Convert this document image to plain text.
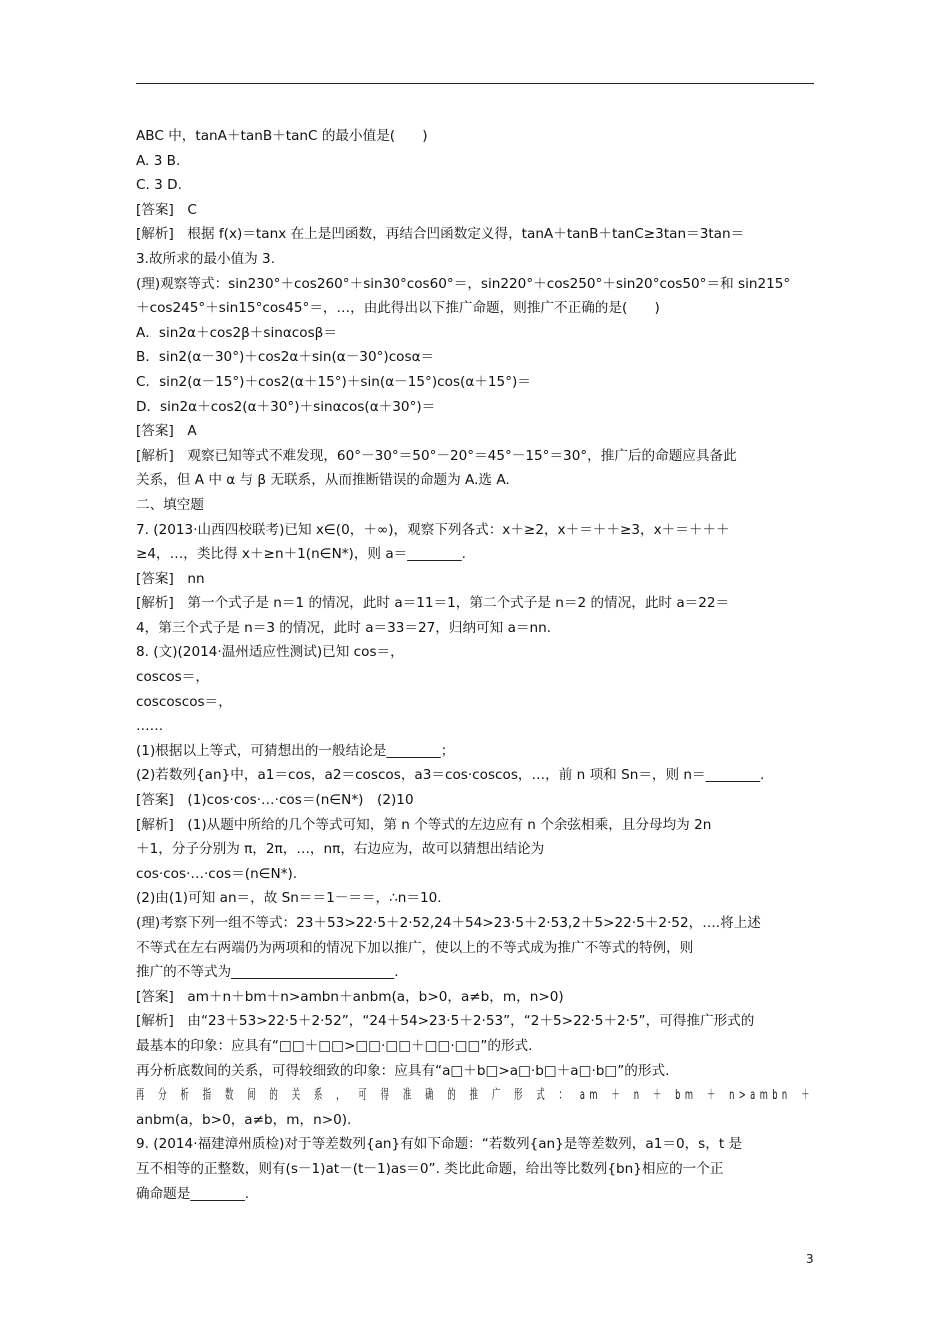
ABC 中，tanA＋tanB＋tanC 的最小值是(　　)
A. 3 B.
C. 3 D.
[答案]　C
[解析]　根据 f(x)＝tanx 在上是凹函数，再结合凹函数定义得，tanA＋tanB＋tanC≥3tan＝3tan＝
3.故所求的最小值为 3.
(理)观察等式：sin230°＋cos260°＋sin30°cos60°＝，sin220°＋cos250°＋sin20°cos50°＝和 sin215°
＋cos245°＋sin15°cos45°＝，…，由此得出以下推广命题，则推广不正确的是(　　)
A．sin2α＋cos2β＋sinαcosβ＝
B．sin2(α－30°)＋cos2α＋sin(α－30°)cosα＝
C．sin2(α－15°)＋cos2(α＋15°)＋sin(α－15°)cos(α＋15°)＝
D．sin2α＋cos2(α＋30°)＋sinαcos(α＋30°)＝
[答案]　A
[解析]　观察已知等式不难发现，60°－30°＝50°－20°＝45°－15°＝30°，推广后的命题应具备此
关系，但 A 中 α 与 β 无联系，从而推断错误的命题为 A.选 A.
二、填空题
7. (2013·山西四校联考)已知 x∈(0，＋∞)，观察下列各式：x＋≥2，x＋＝＋＋≥3，x＋＝＋＋＋
≥4，…，类比得 x＋≥n＋1(n∈N*)，则 a＝________.
[答案]　nn
[解析]　第一个式子是 n＝1 的情况，此时 a＝11＝1，第二个式子是 n＝2 的情况，此时 a＝22＝
4，第三个式子是 n＝3 的情况，此时 a＝33＝27，归纳可知 a＝nn.
8. (文)(2014·温州适应性测试)已知 cos＝，
coscos＝，
coscoscos＝，
……
(1)根据以上等式，可猜想出的一般结论是________；
(2)若数列{an}中，a1＝cos，a2＝coscos，a3＝cos·coscos，…，前 n 项和 Sn＝，则 n＝________.
[答案]　(1)cos·cos·…·cos＝(n∈N*)　(2)10
[解析]　(1)从题中所给的几个等式可知，第 n 个等式的左边应有 n 个余弦相乘，且分母均为 2n
＋1，分子分别为 π，2π，…，nπ，右边应为，故可以猜想出结论为
cos·cos·…·cos＝(n∈N*).
(2)由(1)可知 an＝，故 Sn＝＝1－＝＝，∴n＝10.
(理)考察下列一组不等式：23＋53>22·5＋2·52,24＋54>23·5＋2·53,2＋5>22·5＋2·52，….将上述
不等式在左右两端仍为两项和的情况下加以推广，使以上的不等式成为推广不等式的特例，则
推广的不等式为________________________.
[答案]　am＋n＋bm＋n>ambn＋anbm(a，b>0，a≠b，m，n>0)
[解析]　由“23＋53>22·5＋2·52”，“24＋54>23·5＋2·53”，“2＋5>22·5＋2·5”，可得推广形式的
最基本的印象：应具有“□□＋□□>□□·□□＋□□·□□”的形式.
再分析底数间的关系，可得较细致的印象：应具有“a□＋b□>a□·b□＋a□·b□”的形式.
再 分 析 指 数 间 的 关 系 ， 可 得 准 确 的 推 广 形 式 ：　am ＋ n ＋ bm ＋ n>ambn ＋
anbm(a，b>0，a≠b，m，n>0).
9. (2014·福建漳州质检)对于等差数列{an}有如下命题：“若数列{an}是等差数列，a1＝0，s，t 是
互不相等的正整数，则有(s－1)at－(t－1)as＝0”. 类比此命题，给出等比数列{bn}相应的一个正
确命题是________.
3
